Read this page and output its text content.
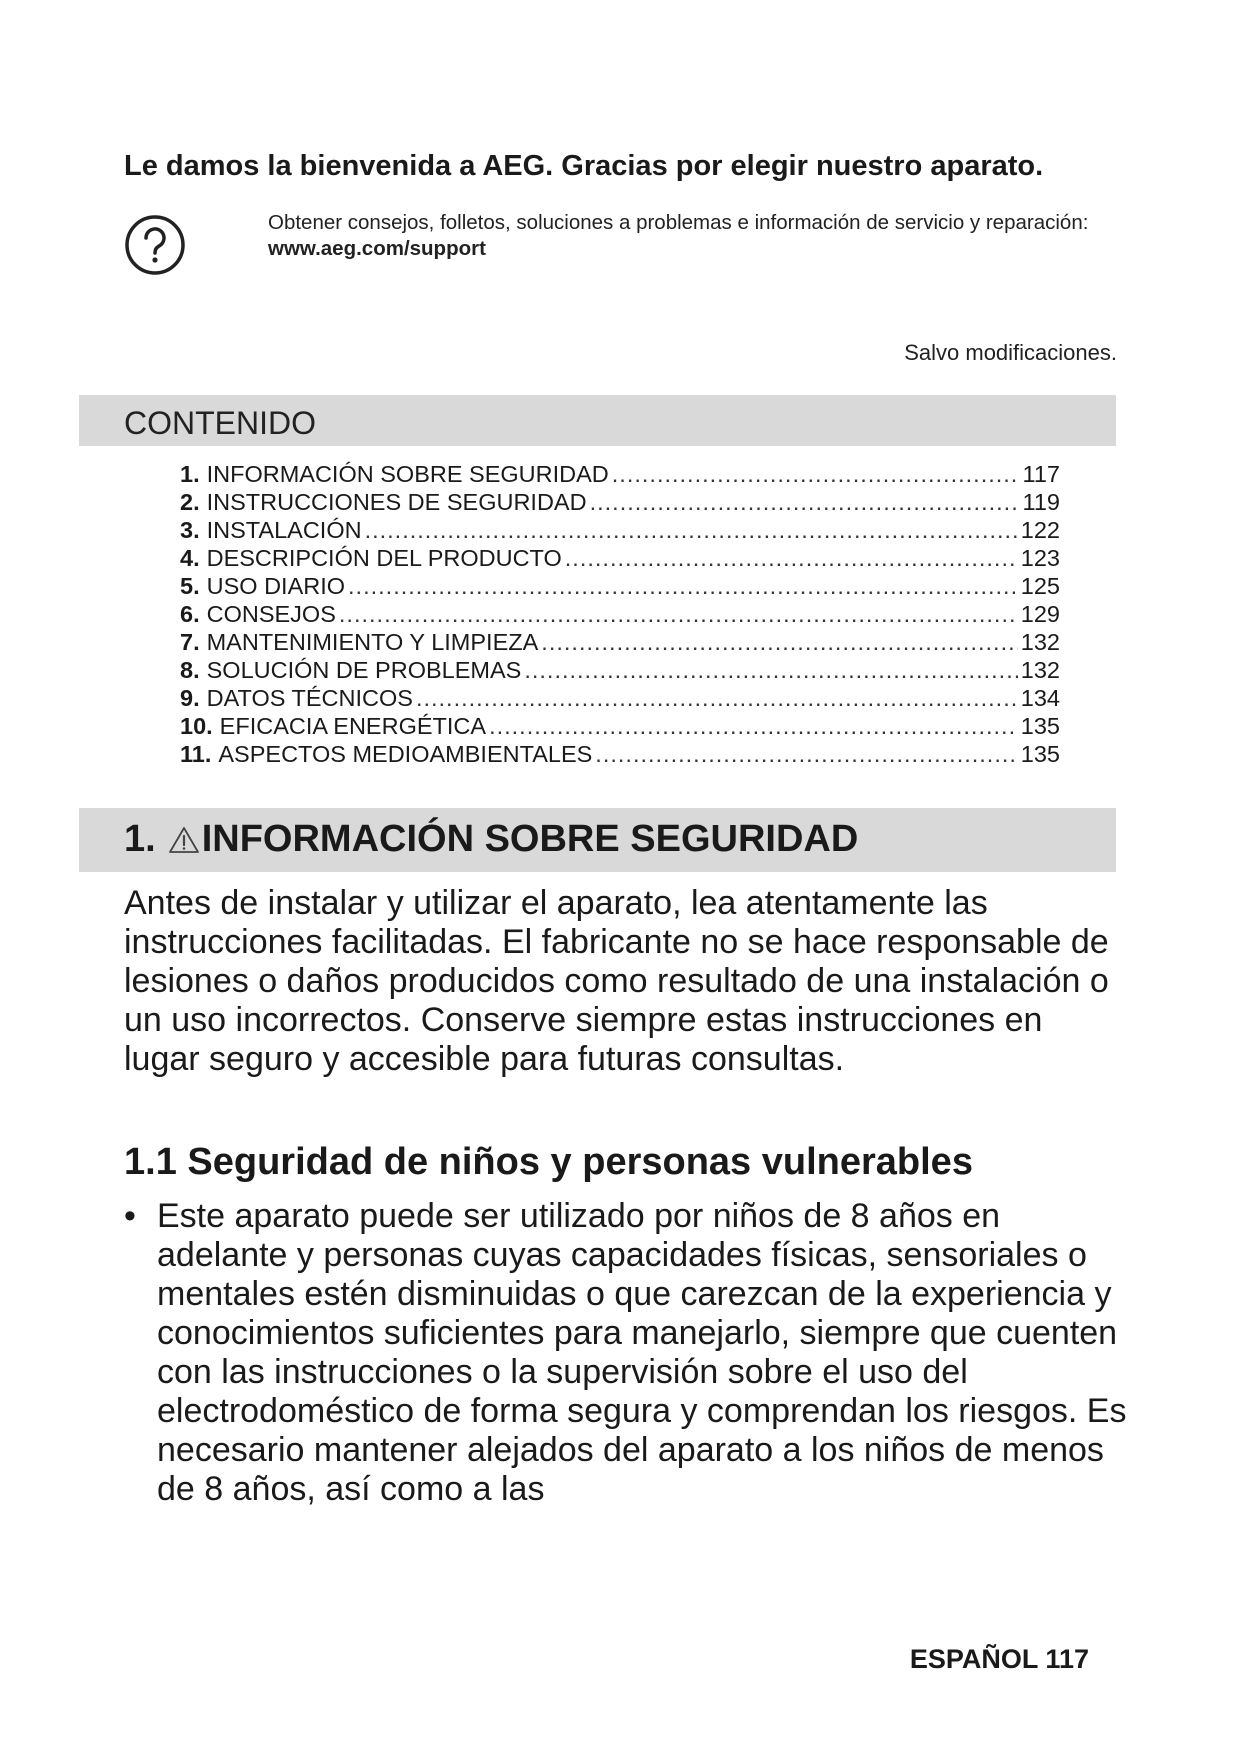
Le damos la bienvenida a AEG. Gracias por elegir nuestro aparato.
Obtener consejos, folletos, soluciones a problemas e información de servicio y reparación:
www.aeg.com/support
Salvo modificaciones.
CONTENIDO
1. INFORMACIÓN SOBRE SEGURIDAD .....	117
2. INSTRUCCIONES DE SEGURIDAD .....	119
3. INSTALACIÓN .....	122
4. DESCRIPCIÓN DEL PRODUCTO .....	123
5. USO DIARIO .....	125
6. CONSEJOS .....	129
7. MANTENIMIENTO Y LIMPIEZA .....	132
8. SOLUCIÓN DE PROBLEMAS .....	132
9. DATOS TÉCNICOS .....	134
10. EFICACIA ENERGÉTICA .....	135
11. ASPECTOS MEDIOAMBIENTALES .....	135
1. INFORMACIÓN SOBRE SEGURIDAD
Antes de instalar y utilizar el aparato, lea atentamente las instrucciones facilitadas. El fabricante no se hace responsable de lesiones o daños producidos como resultado de una instalación o un uso incorrectos. Conserve siempre estas instrucciones en lugar seguro y accesible para futuras consultas.
1.1 Seguridad de niños y personas vulnerables
• Este aparato puede ser utilizado por niños de 8 años en adelante y personas cuyas capacidades físicas, sensoriales o mentales estén disminuidas o que carezcan de la experiencia y conocimientos suficientes para manejarlo, siempre que cuenten con las instrucciones o la supervisión sobre el uso del electrodoméstico de forma segura y comprendan los riesgos. Es necesario mantener alejados del aparato a los niños de menos de 8 años, así como a las
ESPAÑOL 117
